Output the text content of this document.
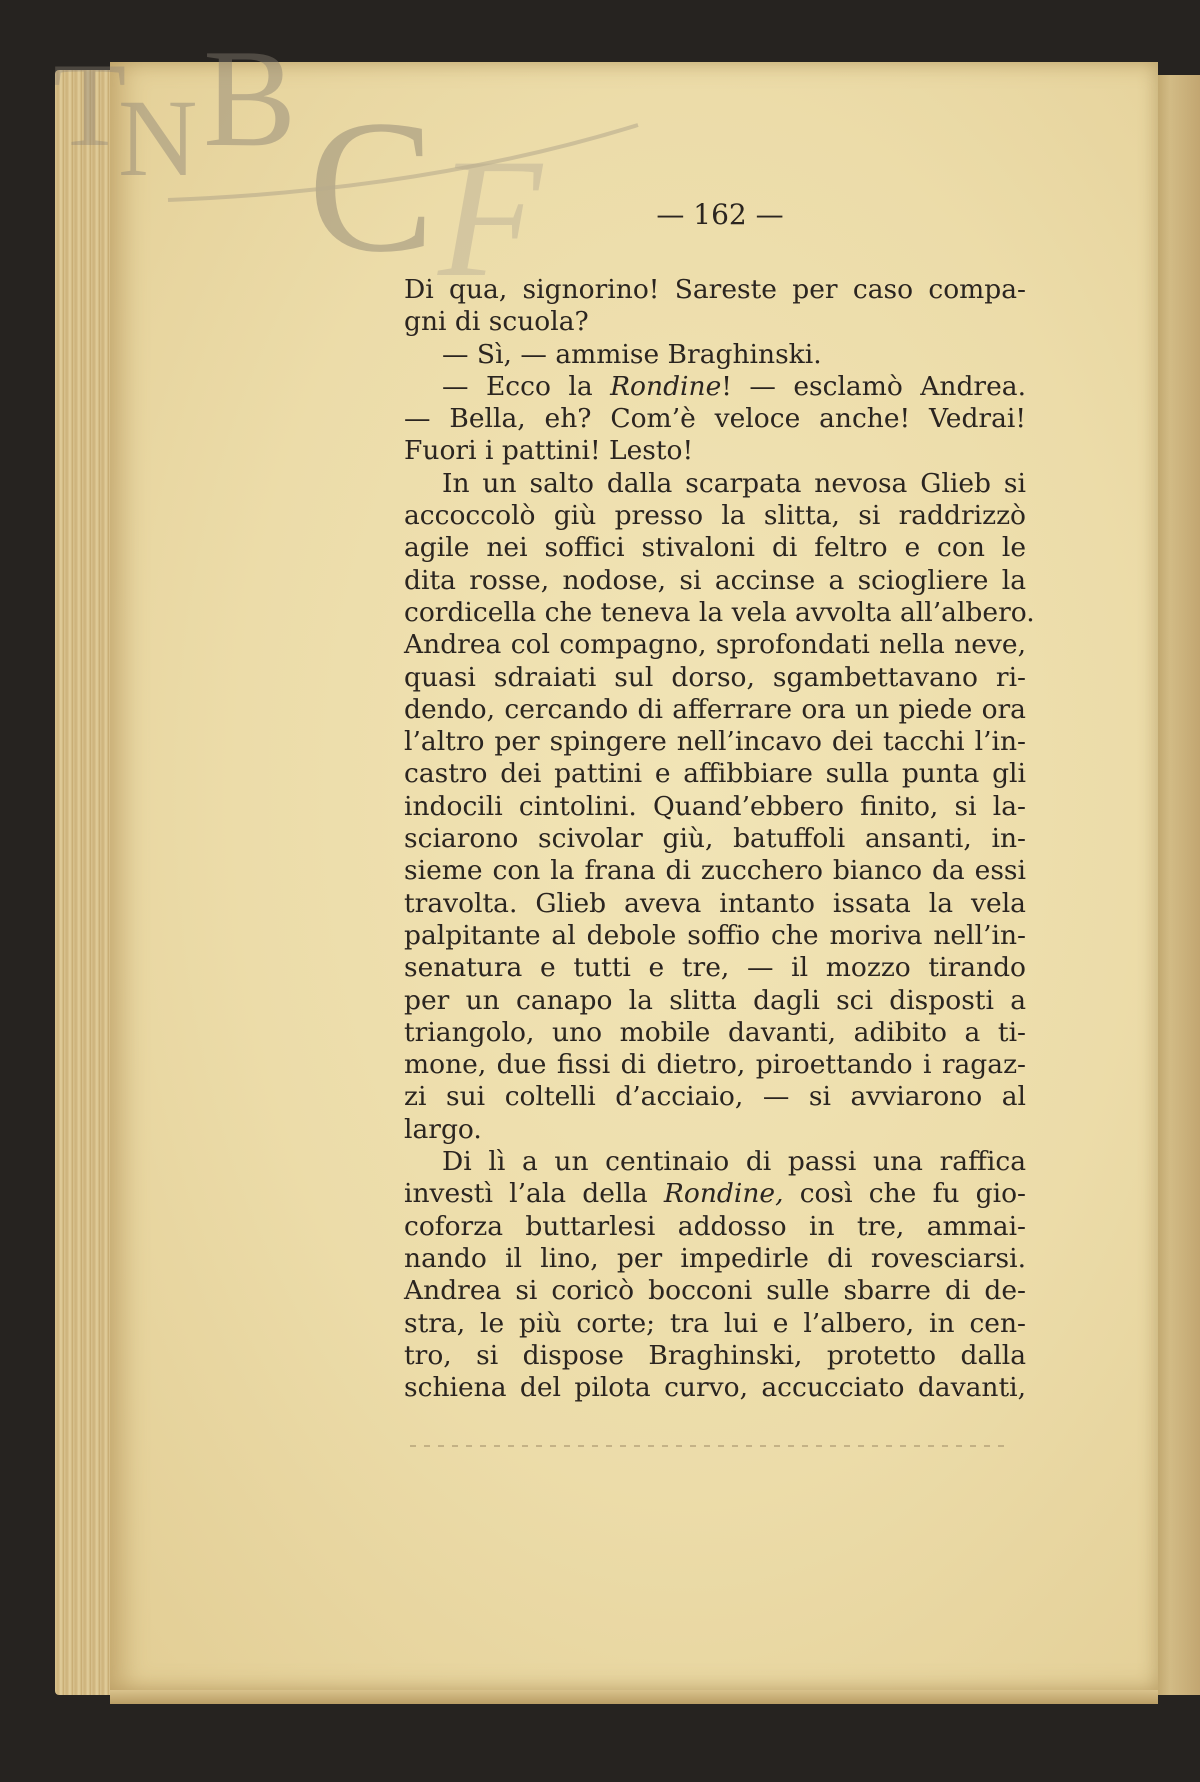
T
N B C F	— 162 —
Di qua, signorino! Sareste per caso compa-
gni di scuola?
— Sì, — ammise Braghinski.
— Ecco la Rondine! — esclamò Andrea.
— Bella, eh? Com’è veloce anche! Vedrai!
Fuori i pattini! Lesto!
In un salto dalla scarpata nevosa Glieb si
accoccolò giù presso la slitta, si raddrizzò
agile nei soffici stivaloni di feltro e con le
dita rosse, nodose, si accinse a sciogliere la
cordicella che teneva la vela avvolta all’albero.
Andrea col compagno, sprofondati nella neve,
quasi sdraiati sul dorso, sgambettavano ri-
dendo, cercando di afferrare ora un piede ora
l’altro per spingere nell’incavo dei tacchi l’in-
castro dei pattini e affibbiare sulla punta gli
indocili cintolini. Quand’ebbero finito, si la-
sciarono scivolar giù, batuffoli ansanti, in-
sieme con la frana di zucchero bianco da essi
travolta. Glieb aveva intanto issata la vela
palpitante al debole soffio che moriva nell’in-
senatura e tutti e tre, — il mozzo tirando
per un canapo la slitta dagli sci disposti a
triangolo, uno mobile davanti, adibito a ti-
mone, due fissi di dietro, piroettando i ragaz-
zi sui coltelli d’acciaio, — si avviarono al
largo.
Di lì a un centinaio di passi una raffica
investì l’ala della Rondine, così che fu gio-
coforza buttarlesi addosso in tre, ammai-
nando il lino, per impedirle di rovesciarsi.
Andrea si coricò bocconi sulle sbarre di de-
stra, le più corte; tra lui e l’albero, in cen-
tro, si dispose Braghinski, protetto dalla
schiena del pilota curvo, accucciato davanti,
